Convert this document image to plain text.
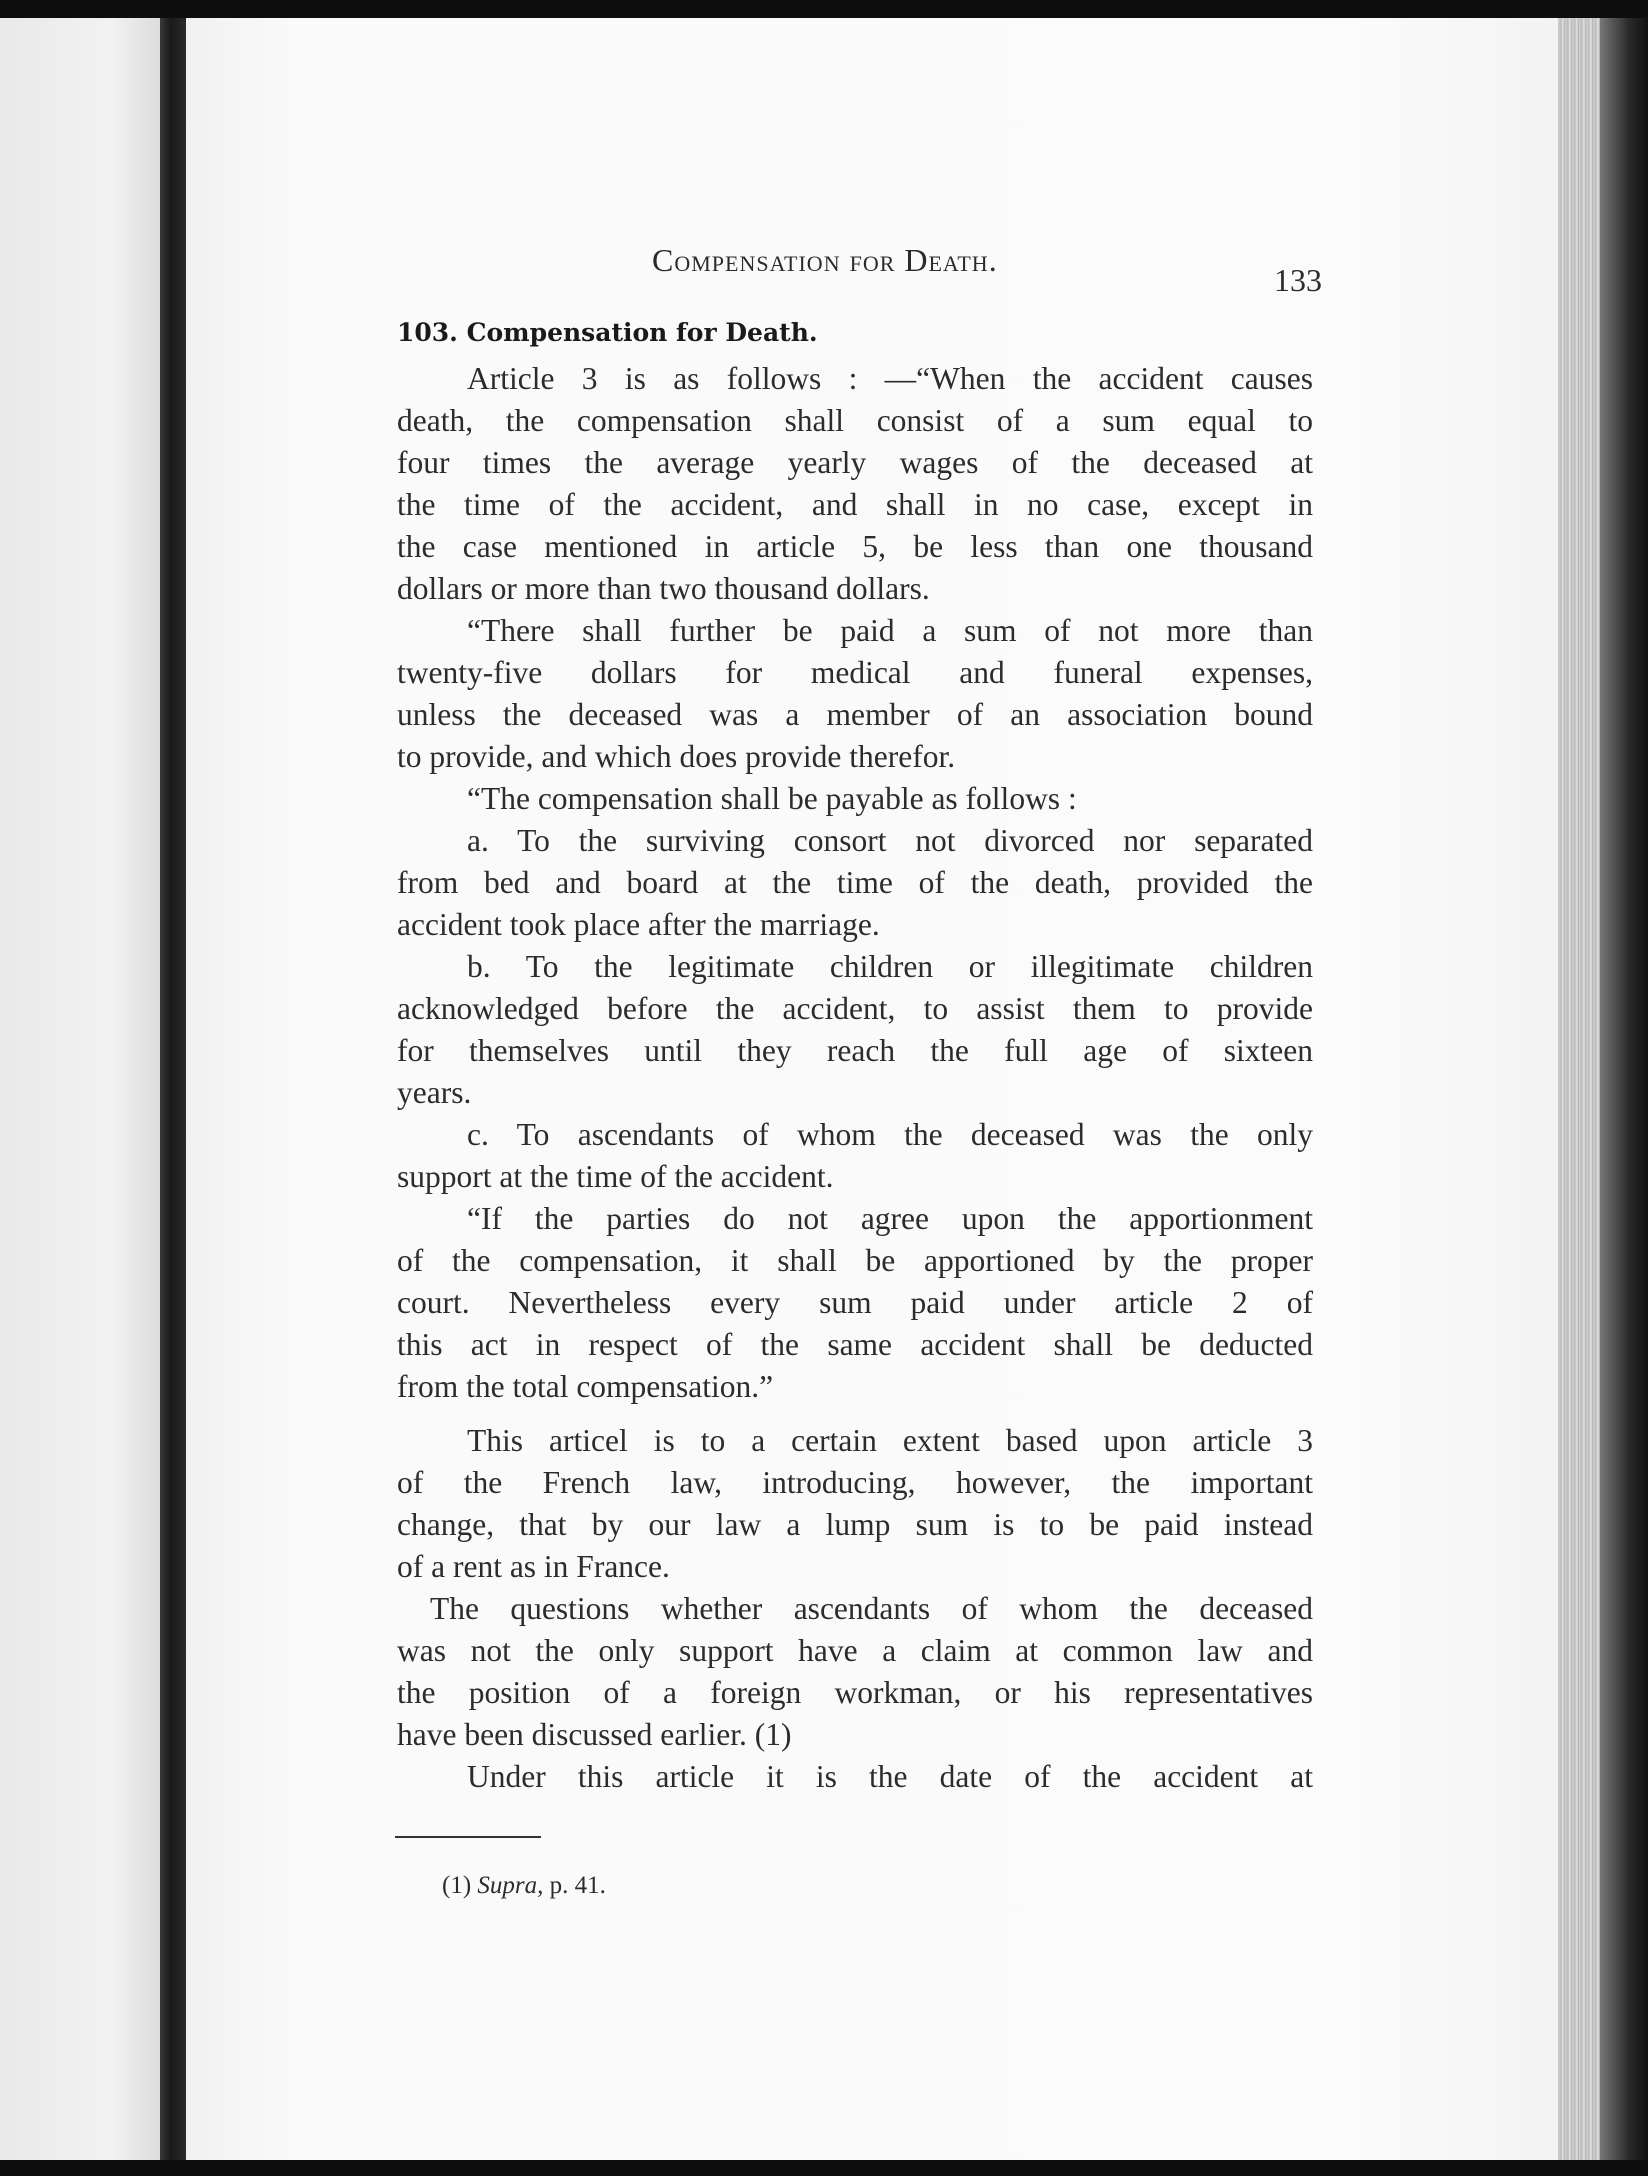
Compensation for Death.
133
103. Compensation for Death.
Article 3 is as follows : —“When the accident causes
death, the compensation shall consist of a sum equal to
four times the average yearly wages of the deceased at
the time of the accident, and shall in no case, except in
the case mentioned in article 5, be less than one thousand
dollars or more than two thousand dollars.
“There shall further be paid a sum of not more than
twenty-five dollars for medical and funeral expenses,
unless the deceased was a member of an association bound
to provide, and which does provide therefor.
“The compensation shall be payable as follows :
a. To the surviving consort not divorced nor separated
from bed and board at the time of the death, provided the
accident took place after the marriage.
b. To the legitimate children or illegitimate children
acknowledged before the accident, to assist them to provide
for themselves until they reach the full age of sixteen
years.
c. To ascendants of whom the deceased was the only
support at the time of the accident.
“If the parties do not agree upon the apportionment
of the compensation, it shall be apportioned by the proper
court. Nevertheless every sum paid under article 2 of
this act in respect of the same accident shall be deducted
from the total compensation.”
This articel is to a certain extent based upon article 3
of the French law, introducing, however, the important
change, that by our law a lump sum is to be paid instead
of a rent as in France.
The questions whether ascendants of whom the deceased
was not the only support have a claim at common law and
the position of a foreign workman, or his representatives
have been discussed earlier. (1)
Under this article it is the date of the accident at
(1) Supra, p. 41.
